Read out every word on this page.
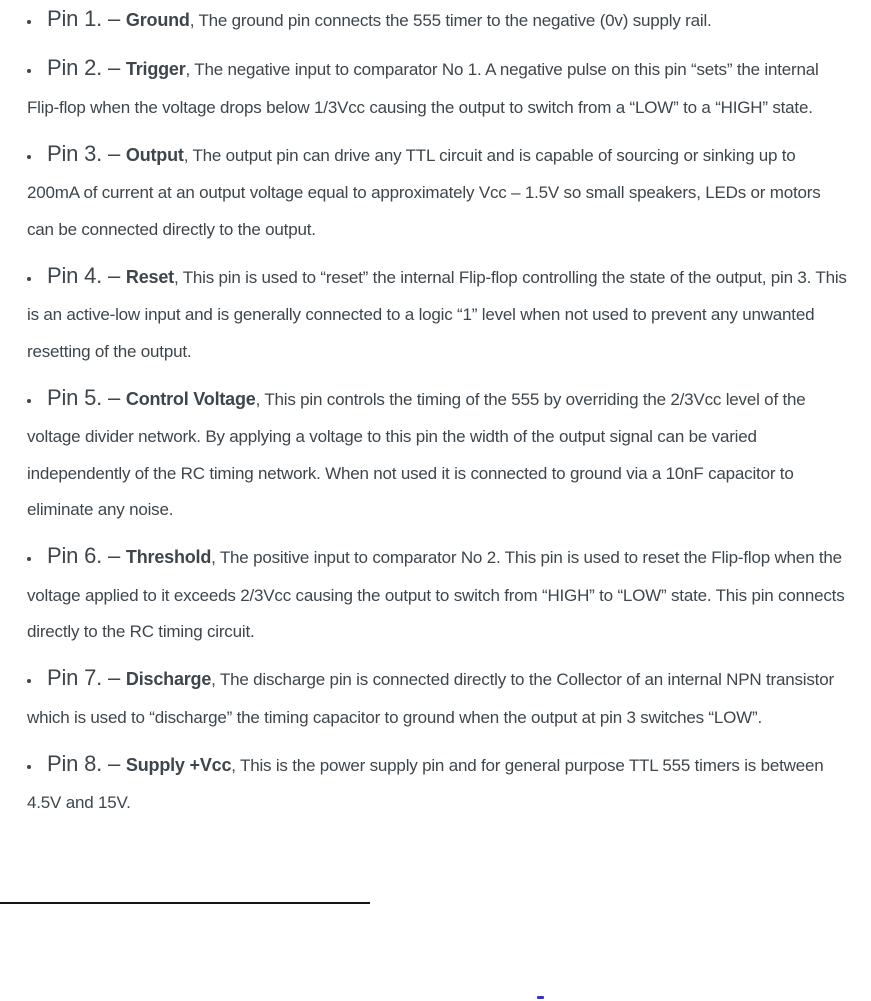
• Pin 1. – Ground, The ground pin connects the 555 timer to the negative (0v) supply rail.
• Pin 2. – Trigger, The negative input to comparator No 1. A negative pulse on this pin “sets” the internal Flip-flop when the voltage drops below 1/3Vcc causing the output to switch from a “LOW” to a “HIGH” state.
• Pin 3. – Output, The output pin can drive any TTL circuit and is capable of sourcing or sinking up to 200mA of current at an output voltage equal to approximately Vcc – 1.5V so small speakers, LEDs or motors can be connected directly to the output.
• Pin 4. – Reset, This pin is used to “reset” the internal Flip-flop controlling the state of the output, pin 3. This is an active-low input and is generally connected to a logic “1” level when not used to prevent any unwanted resetting of the output.
• Pin 5. – Control Voltage, This pin controls the timing of the 555 by overriding the 2/3Vcc level of the voltage divider network. By applying a voltage to this pin the width of the output signal can be varied independently of the RC timing network. When not used it is connected to ground via a 10nF capacitor to eliminate any noise.
• Pin 6. – Threshold, The positive input to comparator No 2. This pin is used to reset the Flip-flop when the voltage applied to it exceeds 2/3Vcc causing the output to switch from “HIGH” to “LOW” state. This pin connects directly to the RC timing circuit.
• Pin 7. – Discharge, The discharge pin is connected directly to the Collector of an internal NPN transistor which is used to “discharge” the timing capacitor to ground when the output at pin 3 switches “LOW”.
• Pin 8. – Supply +Vcc, This is the power supply pin and for general purpose TTL 555 timers is between 4.5V and 15V.
